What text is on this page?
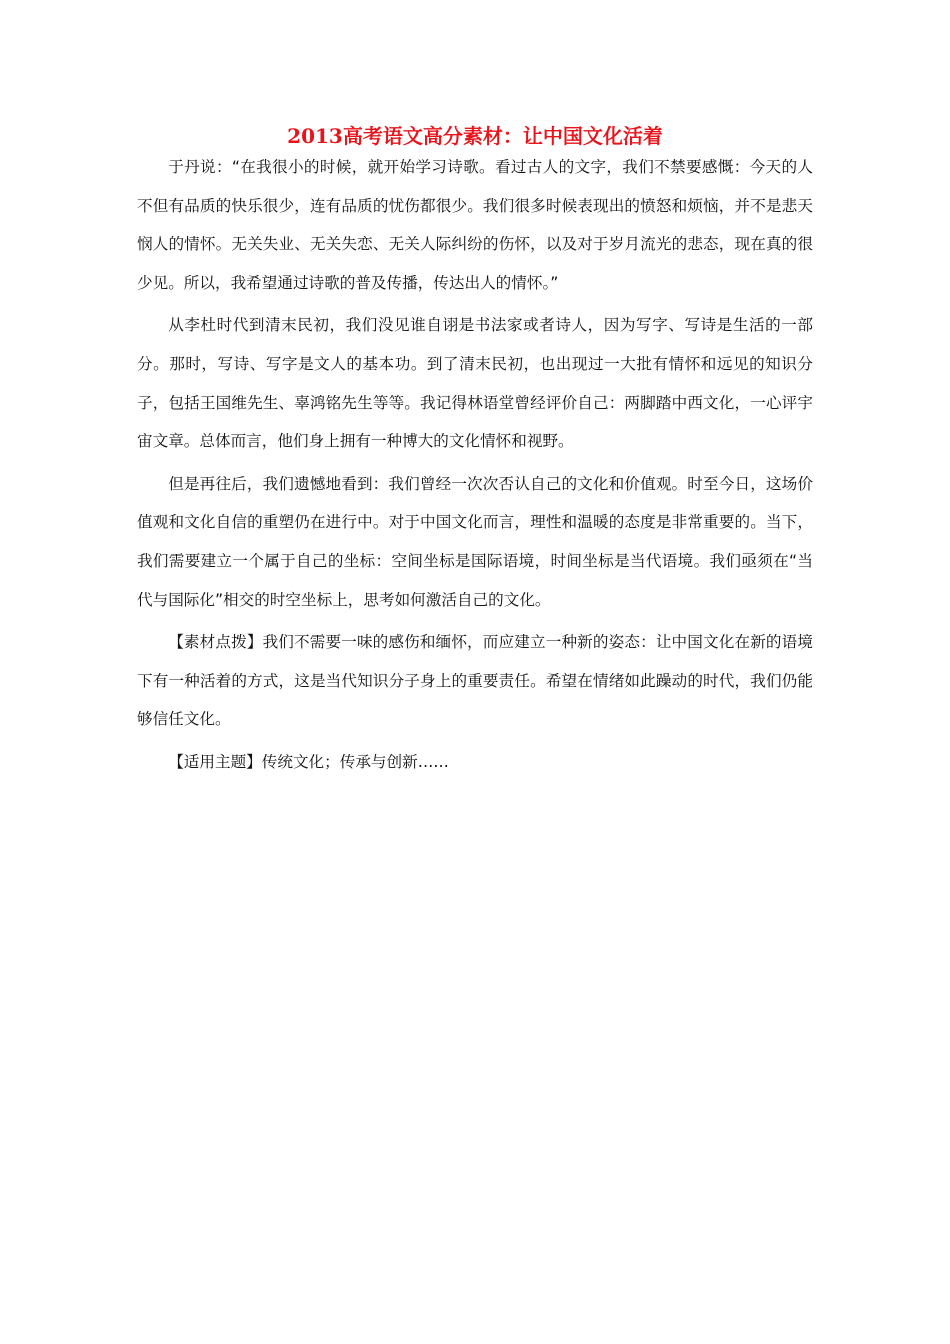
2013高考语文高分素材：让中国文化活着

于丹说：“在我很小的时候，就开始学习诗歌。看过古人的文字，我们不禁要感慨：今天的人不但有品质的快乐很少，连有品质的忧伤都很少。我们很多时候表现出的愤怒和烦恼，并不是悲天悯人的情怀。无关失业、无关失恋、无关人际纠纷的伤怀，以及对于岁月流光的悲态，现在真的很少见。所以，我希望通过诗歌的普及传播，传达出人的情怀。”

从李杜时代到清末民初，我们没见谁自诩是书法家或者诗人，因为写字、写诗是生活的一部分。那时，写诗、写字是文人的基本功。到了清末民初，也出现过一大批有情怀和远见的知识分子，包括王国维先生、辜鸿铭先生等等。我记得林语堂曾经评价自己：两脚踏中西文化，一心评宇宙文章。总体而言，他们身上拥有一种博大的文化情怀和视野。

但是再往后，我们遗憾地看到：我们曾经一次次否认自己的文化和价值观。时至今日，这场价值观和文化自信的重塑仍在进行中。对于中国文化而言，理性和温暖的态度是非常重要的。当下，我们需要建立一个属于自己的坐标：空间坐标是国际语境，时间坐标是当代语境。我们亟须在“当代与国际化”相交的时空坐标上，思考如何激活自己的文化。

【素材点拨】我们不需要一味的感伤和缅怀，而应建立一种新的姿态：让中国文化在新的语境下有一种活着的方式，这是当代知识分子身上的重要责任。希望在情绪如此躁动的时代，我们仍能够信任文化。

【适用主题】传统文化；传承与创新……
